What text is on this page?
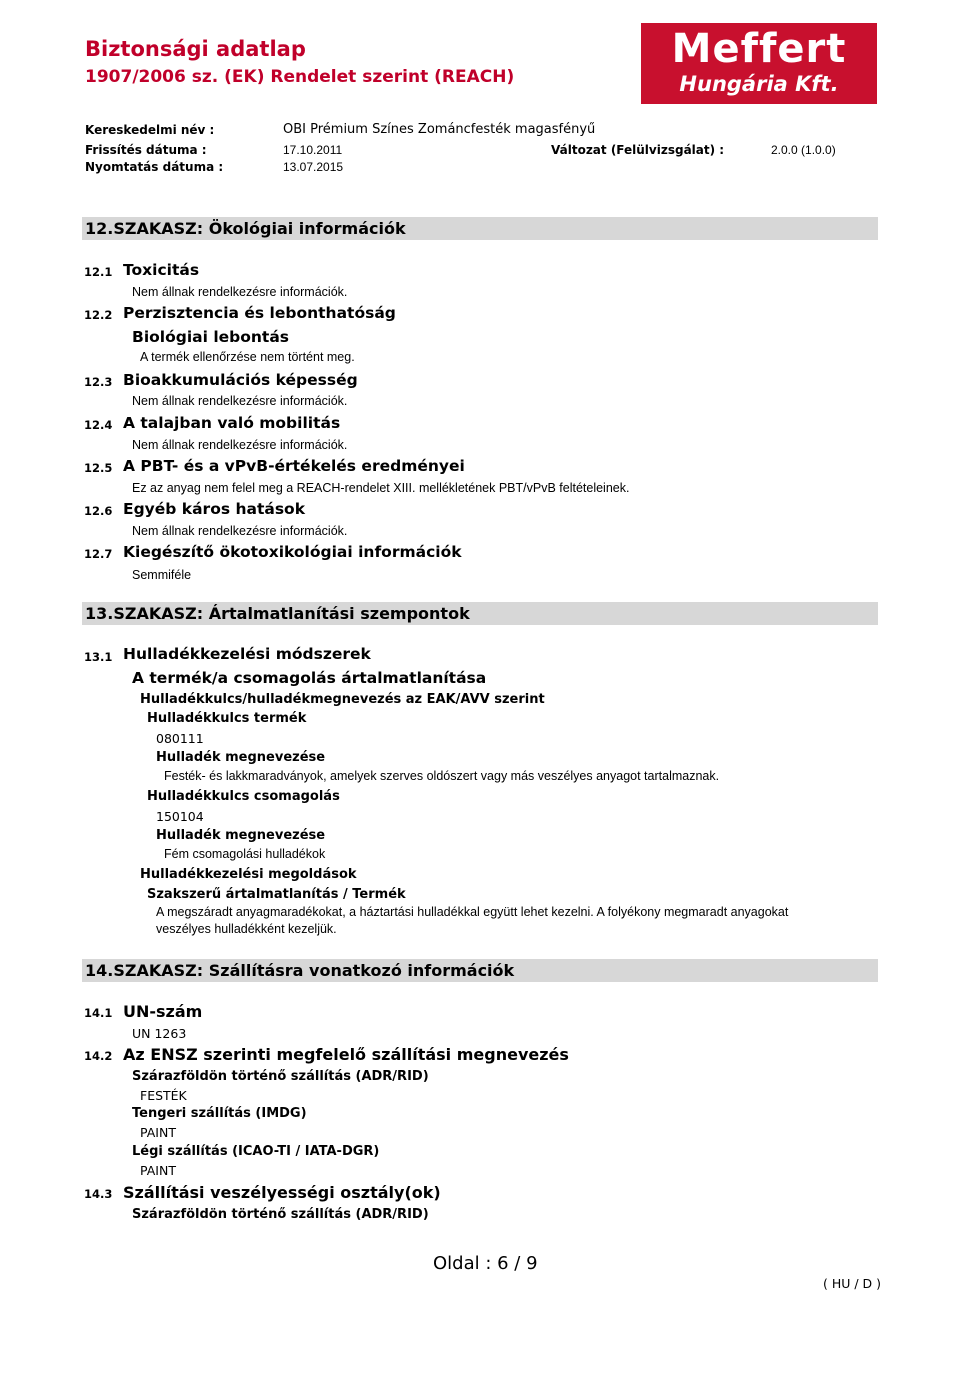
Biztonsági adatlap
1907/2006 sz. (EK) Rendelet szerint (REACH)
Meffert
Hungária Kft.
Kereskedelmi név :	OBI Prémium Színes Zománcfesték magasfényű
Frissítés dátuma :	17.10.2011	Változat (Felülvizsgálat) :	2.0.0 (1.0.0)
Nyomtatás dátuma :	13.07.2015
12.SZAKASZ: Ökológiai információk
12.1 Toxicitás
Nem állnak rendelkezésre információk.
12.2 Perzisztencia és lebonthatóság
Biológiai lebontás
A termék ellenőrzése nem történt meg.
12.3 Bioakkumulációs képesség
Nem állnak rendelkezésre információk.
12.4 A talajban való mobilitás
Nem állnak rendelkezésre információk.
12.5 A PBT- és a vPvB-értékelés eredményei
Ez az anyag nem felel meg a REACH-rendelet XIII. mellékletének PBT/vPvB feltételeinek.
12.6 Egyéb káros hatások
Nem állnak rendelkezésre információk.
12.7 Kiegészítő ökotoxikológiai információk
Semmiféle
13.SZAKASZ: Ártalmatlanítási szempontok
13.1 Hulladékkezelési módszerek
A termék/a csomagolás ártalmatlanítása
Hulladékkulcs/hulladékmegnevezés az EAK/AVV szerint
Hulladékkulcs termék
080111
Hulladék megnevezése
Festék- és lakkmaradványok, amelyek szerves oldószert vagy más veszélyes anyagot tartalmaznak.
Hulladékkulcs csomagolás
150104
Hulladék megnevezése
Fém csomagolási hulladékok
Hulladékkezelési megoldások
Szakszerű ártalmatlanítás / Termék
A megszáradt anyagmaradékokat, a háztartási hulladékkal együtt lehet kezelni. A folyékony megmaradt anyagokat
veszélyes hulladékként kezeljük.
14.SZAKASZ: Szállításra vonatkozó információk
14.1 UN-szám
UN 1263
14.2 Az ENSZ szerinti megfelelő szállítási megnevezés
Szárazföldön történő szállítás (ADR/RID)
FESTÉK
Tengeri szállítás (IMDG)
PAINT
Légi szállítás (ICAO-TI / IATA-DGR)
PAINT
14.3 Szállítási veszélyességi osztály(ok)
Szárazföldön történő szállítás (ADR/RID)
Oldal : 6 / 9
( HU / D )
